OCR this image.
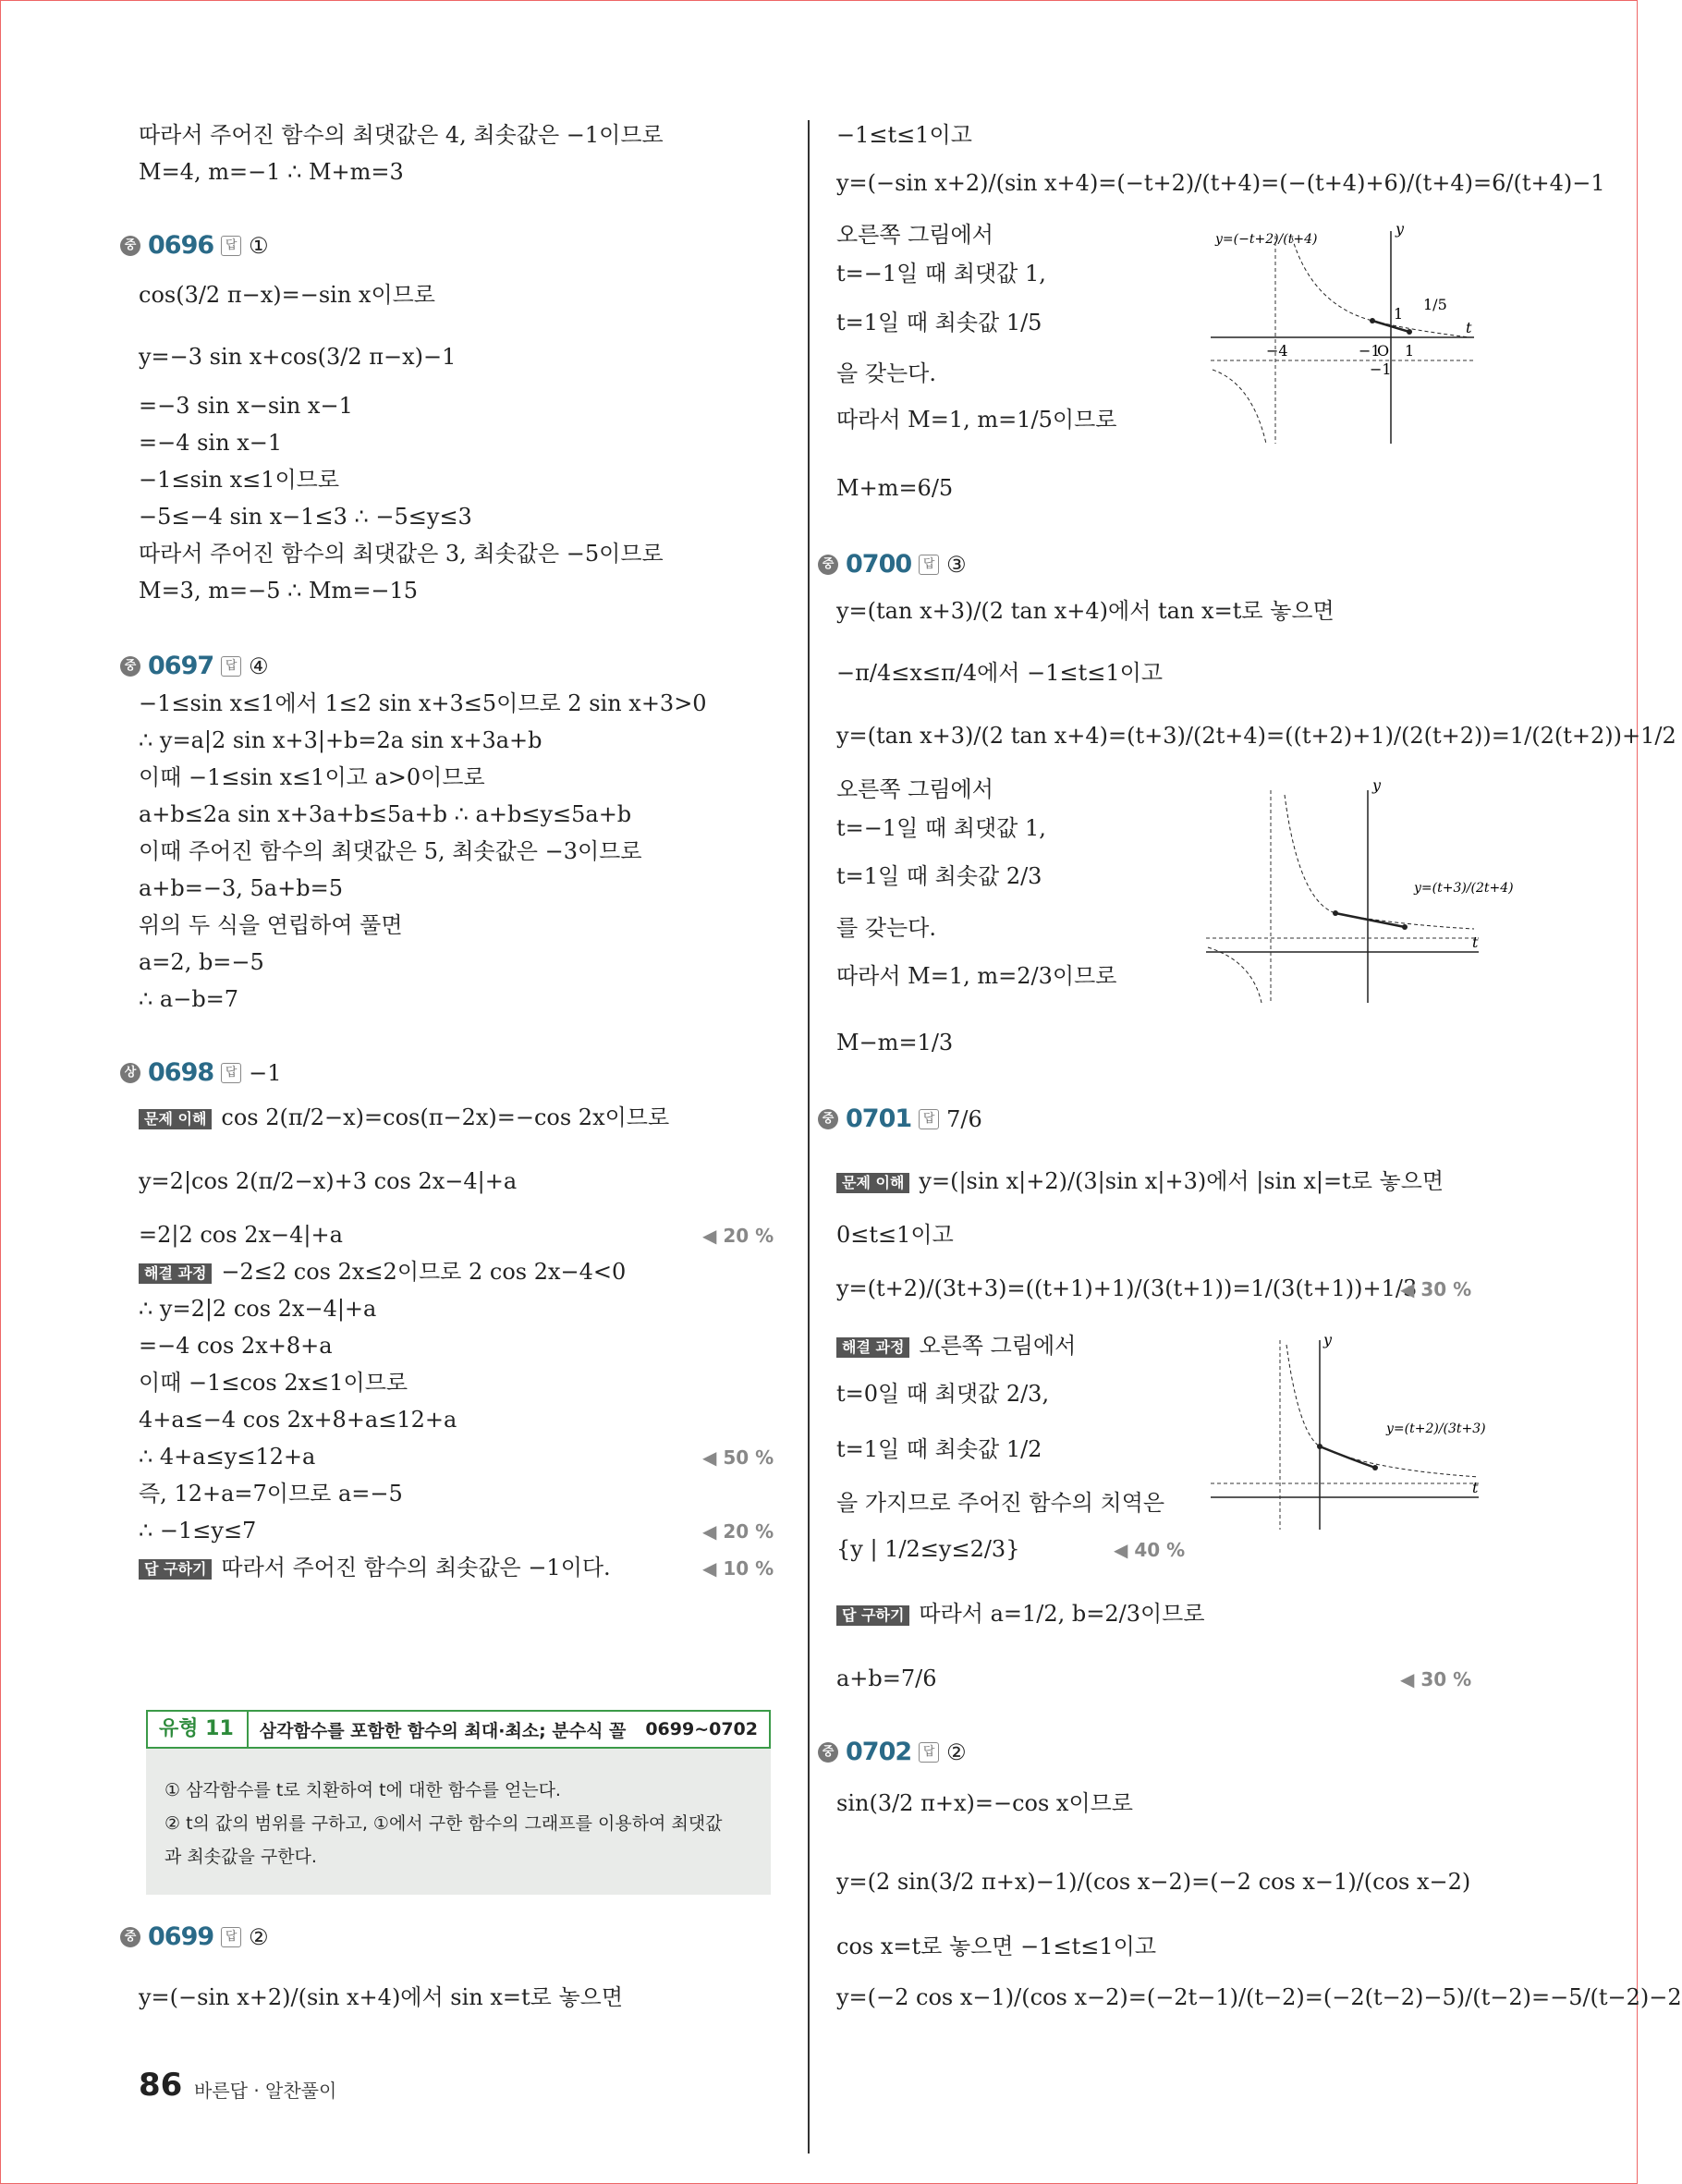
따라서 주어진 함수의 최댓값은 4, 최솟값은 −1이므로
M=4, m=−1 ∴ M+m=3
중 0696 답 ①
cos(3/2 π−x)=−sin x이므로
y=−3 sin x+cos(3/2 π−x)−1
=−3 sin x−sin x−1
=−4 sin x−1
−1≤sin x≤1이므로
−5≤−4 sin x−1≤3 ∴ −5≤y≤3
따라서 주어진 함수의 최댓값은 3, 최솟값은 −5이므로
M=3, m=−5 ∴ Mm=−15
중 0697 답 ④
−1≤sin x≤1에서 1≤2 sin x+3≤5이므로 2 sin x+3>0
∴ y=a|2 sin x+3|+b=2a sin x+3a+b
이때 −1≤sin x≤1이고 a>0이므로
a+b≤2a sin x+3a+b≤5a+b ∴ a+b≤y≤5a+b
이때 주어진 함수의 최댓값은 5, 최솟값은 −3이므로
a+b=−3, 5a+b=5
위의 두 식을 연립하여 풀면
a=2, b=−5
∴ a−b=7
상 0698 답 −1
문제 이해 cos 2(π/2−x)=cos(π−2x)=−cos 2x이므로
y=2|cos 2(π/2−x)+3 cos 2x−4|+a
=2|2 cos 2x−4|+a
해결 과정 −2≤2 cos 2x≤2이므로 2 cos 2x−4<0
∴ y=2|2 cos 2x−4|+a
=−4 cos 2x+8+a
이때 −1≤cos 2x≤1이므로
4+a≤−4 cos 2x+8+a≤12+a
∴ 4+a≤y≤12+a
즉, 12+a=7이므로 a=−5
∴ −1≤y≤7
답 구하기 따라서 주어진 함수의 최솟값은 −1이다.
◀ 20 %
◀ 50 %
◀ 20 %
◀ 10 %
중 0699 답 ②
y=(−sin x+2)/(sin x+4)에서 sin x=t로 놓으면
유형 11	삼각함수를 포함한 함수의 최대·최소; 분수식 꼴	0699~0702
① 삼각함수를 t로 치환하여 t에 대한 함수를 얻는다.
② t의 값의 범위를 구하고, ①에서 구한 함수의 그래프를 이용하여 최댓값
과 최솟값을 구한다.
−1≤t≤1이고
y=(−sin x+2)/(sin x+4)=(−t+2)/(t+4)=(−(t+4)+6)/(t+4)=6/(t+4)−1
오른쪽 그림에서
t=−1일 때 최댓값 1,
t=1일 때 최솟값 1/5
을 갖는다.
따라서 M=1, m=1/5이므로
M+m=6/5
y=(−t+2)/(t+4)
−4	−1
O 1
−1
1
1/5
y
t
중 0700 답 ③
y=(tan x+3)/(2 tan x+4)에서 tan x=t로 놓으면
−π/4≤x≤π/4에서 −1≤t≤1이고
y=(tan x+3)/(2 tan x+4)=(t+3)/(2t+4)=((t+2)+1)/(2(t+2))=1/(2(t+2))+1/2
오른쪽 그림에서
t=−1일 때 최댓값 1,
t=1일 때 최솟값 2/3
를 갖는다.
따라서 M=1, m=2/3이므로
M−m=1/3
y=(t+3)/(2t+4)
y
t
중 0701 답 7/6
문제 이해 y=(|sin x|+2)/(3|sin x|+3)에서 |sin x|=t로 놓으면
0≤t≤1이고
y=(t+2)/(3t+3)=((t+1)+1)/(3(t+1))=1/(3(t+1))+1/3
해결 과정 오른쪽 그림에서
t=0일 때 최댓값 2/3,
t=1일 때 최솟값 1/2
을 가지므로 주어진 함수의 치역은
{y | 1/2≤y≤2/3}
답 구하기 따라서 a=1/2, b=2/3이므로
a+b=7/6
◀ 30 %
◀ 40 %
◀ 30 %
y=(t+2)/(3t+3)
y
t
중 0702 답 ②
sin(3/2 π+x)=−cos x이므로
y=(2 sin(3/2 π+x)−1)/(cos x−2)=(−2 cos x−1)/(cos x−2)
cos x=t로 놓으면 −1≤t≤1이고
y=(−2 cos x−1)/(cos x−2)=(−2t−1)/(t−2)=(−2(t−2)−5)/(t−2)=−5/(t−2)−2
86 바른답 · 알찬풀이
